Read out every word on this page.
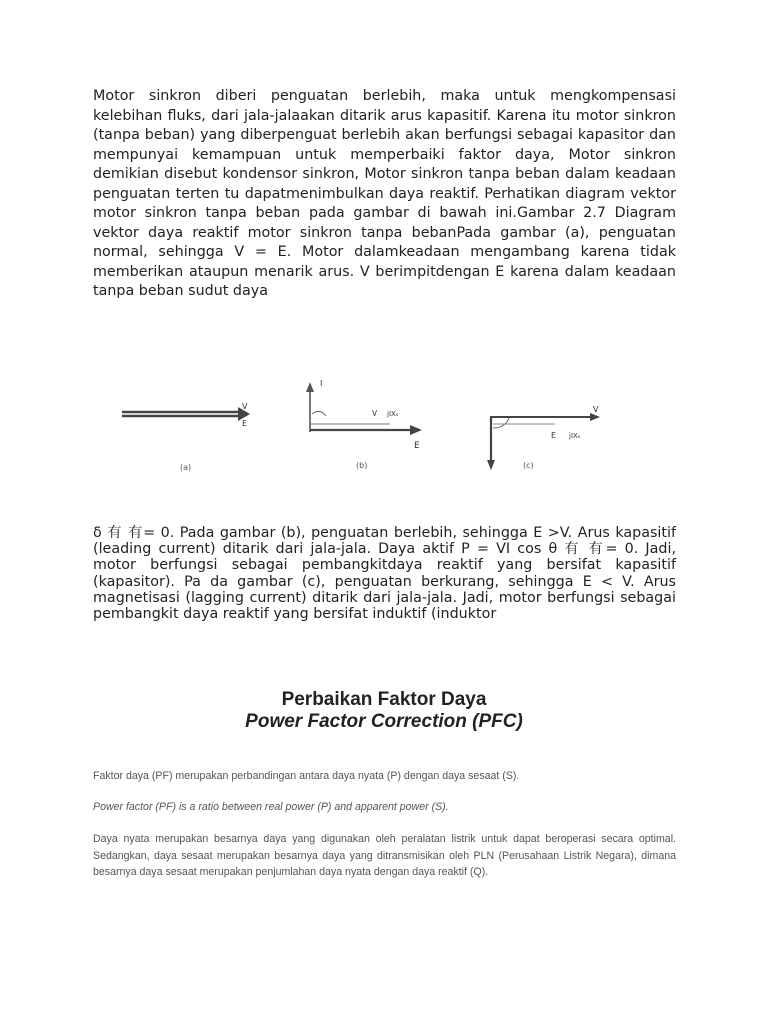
Motor sinkron diberi penguatan berlebih, maka untuk mengkompensasi kelebihan fluks, dari jala-jalaakan ditarik arus kapasitif. Karena itu motor sinkron (tanpa beban) yang diberpenguat berlebih akan berfungsi sebagai kapasitor dan mempunyai kemampuan untuk memperbaiki faktor daya, Motor sinkron demikian disebut kondensor sinkron, Motor sinkron tanpa beban dalam keadaan penguatan terten tu dapatmenimbulkan daya reaktif. Perhatikan diagram vektor motor sinkron tanpa beban pada gambar di bawah ini.Gambar 2.7 Diagram vektor daya reaktif motor sinkron tanpa bebanPada gambar (a), penguatan normal, sehingga V = E. Motor dalamkeadaan mengambang karena tidak memberikan ataupun menarik arus. V berimpitdengan E karena dalam keadaan tanpa beban sudut daya
V
E
(a)
I
V jIXₛ
E
(b)
V
E jIXₛ
(c)
δ 有 有= 0. Pada gambar (b), penguatan berlebih, sehingga E >V. Arus kapasitif (leading current) ditarik dari jala-jala. Daya aktif P = VI cos θ 有 有= 0. Jadi, motor berfungsi sebagai pembangkitdaya reaktif yang bersifat kapasitif (kapasitor). Pa da gambar (c), penguatan berkurang, sehingga E < V. Arus magnetisasi (lagging current) ditarik dari jala-jala. Jadi, motor berfungsi sebagai pembangkit daya reaktif yang bersifat induktif (induktor
Perbaikan Faktor Daya
Power Factor Correction (PFC)
Faktor daya (PF) merupakan perbandingan antara daya nyata (P) dengan daya sesaat (S).
Power factor (PF) is a ratio between real power (P) and apparent power (S).
Daya nyata merupakan besarnya daya yang digunakan oleh peralatan listrik untuk dapat beroperasi secara optimal. Sedangkan, daya sesaat merupakan besarnya daya yang ditransmisikan oleh PLN (Perusahaan Listrik Negara), dimana besarnya daya sesaat merupakan penjumlahan daya nyata dengan daya reaktif (Q).
